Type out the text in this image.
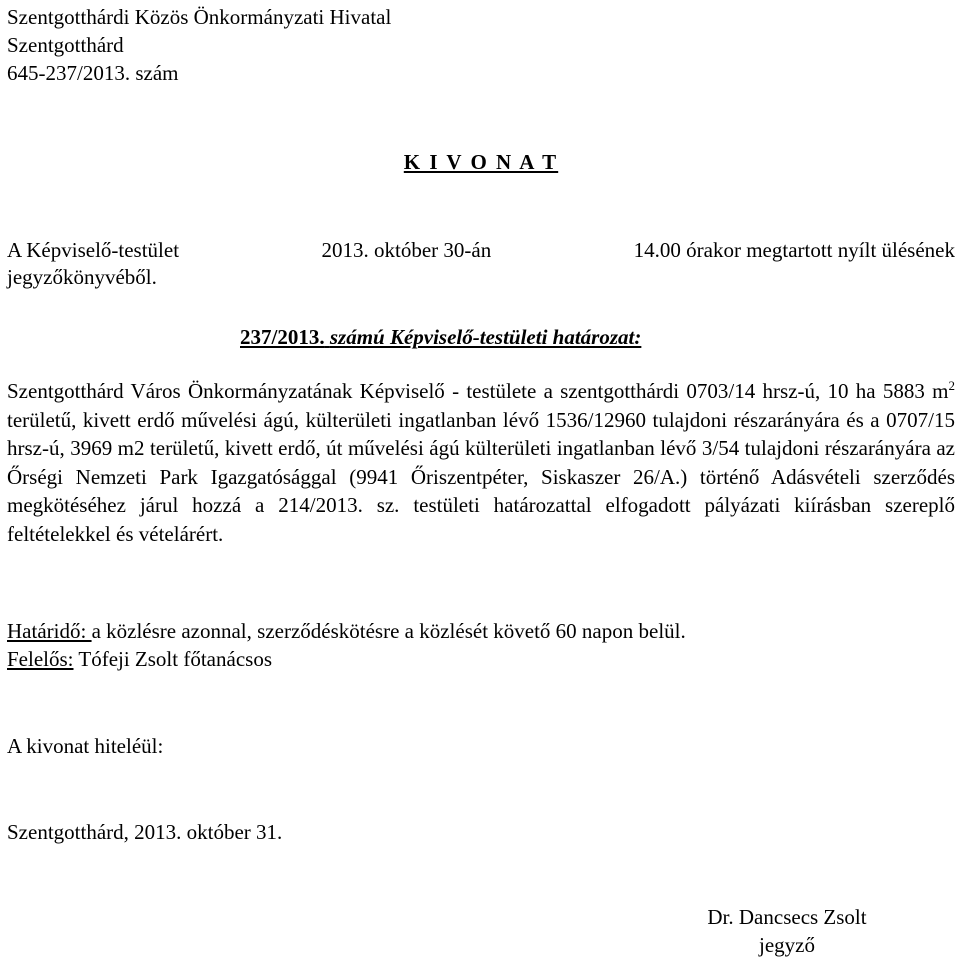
Szentgotthárdi Közös Önkormányzati Hivatal
Szentgotthárd
645-237/2013. szám
K I V O N A T
A Képviselő-testület	2013. október 30-án	14.00 órakor megtartott nyílt ülésének
jegyzőkönyvéből.
237/2013. számú Képviselő-testületi határozat:
Szentgotthárd Város Önkormányzatának Képviselő - testülete a szentgotthárdi 0703/14 hrsz-ú, 10 ha 5883 $m^2$ területű, kivett erdő művelési ágú, külterületi ingatlanban lévő 1536/12960 tulajdoni részarányára és a 0707/15 hrsz-ú, 3969 m2 területű, kivett erdő, út művelési ágú külterületi ingatlanban lévő 3/54 tulajdoni részarányára az Őrségi Nemzeti Park Igazgatósággal (9941 Őriszentpéter, Siskaszer 26/A.) történő Adásvételi szerződés megkötéséhez járul hozzá a 214/2013. sz. testületi határozattal elfogadott pályázati kiírásban szereplő feltételekkel és vételárért.
Határidő: a közlésre azonnal, szerződéskötésre a közlését követő 60 napon belül.
Felelős: Tófeji Zsolt főtanácsos
A kivonat hiteléül:
Szentgotthárd, 2013. október 31.
Dr. Dancsecs Zsolt
jegyző
